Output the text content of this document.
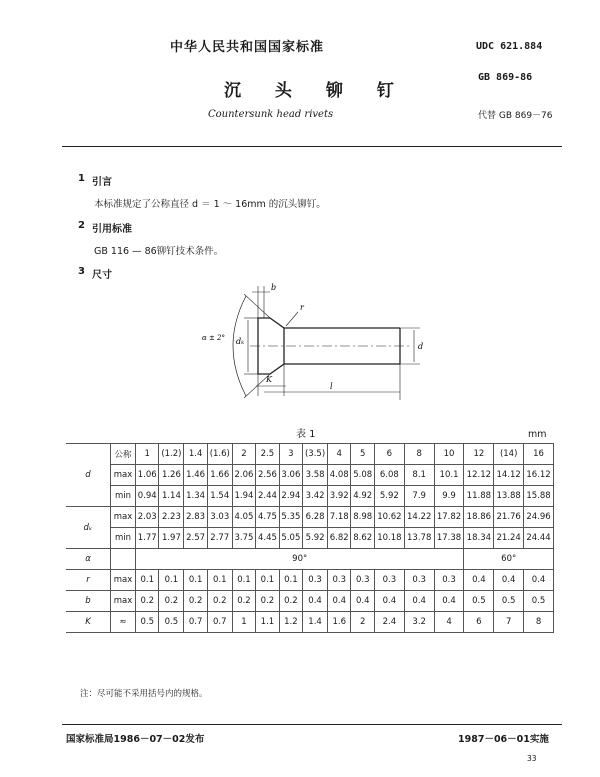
中华人民共和国国家标准	UDC 621.884
沉 头 铆 钉
GB 869-86
Countersunk head rivets	代替 GB 869－76
1 引言
本标准规定了公称直径 d ＝ 1 ～ 16mm 的沉头铆钉。
2 引用标准
GB 116 — 86铆钉技术条件。
3 尺寸
b
r
α ± 2° dₖ
d
K
l
表 1	mm
d	公称	1	(1.2)	1.4	(1.6)	2	2.5	3	(3.5)	4	5	6	8	10	12	(14)	16
	max	1.06	1.26	1.46	1.66	2.06	2.56	3.06	3.58	4.08	5.08	6.08	8.1	10.1	12.12	14.12	16.12
	min	0.94	1.14	1.34	1.54	1.94	2.44	2.94	3.42	3.92	4.92	5.92	7.9	9.9	11.88	13.88	15.88
dₖ	max	2.03	2.23	2.83	3.03	4.05	4.75	5.35	6.28	7.18	8.98	10.62	14.22	17.82	18.86	21.76	24.96
	min	1.77	1.97	2.57	2.77	3.75	4.45	5.05	5.92	6.82	8.62	10.18	13.78	17.38	18.34	21.24	24.44
α		90°													60°		
r	max	0.1	0.1	0.1	0.1	0.1	0.1	0.1	0.3	0.3	0.3	0.3	0.3	0.3	0.4	0.4	0.4
b	max	0.2	0.2	0.2	0.2	0.2	0.2	0.2	0.4	0.4	0.4	0.4	0.4	0.4	0.5	0.5	0.5
K	≈	0.5	0.5	0.7	0.7	1	1.1	1.2	1.4	1.6	2	2.4	3.2	4	6	7	8
注：尽可能不采用括号内的规格。
国家标准局1986－07－02发布	1987－06－01实施
33
